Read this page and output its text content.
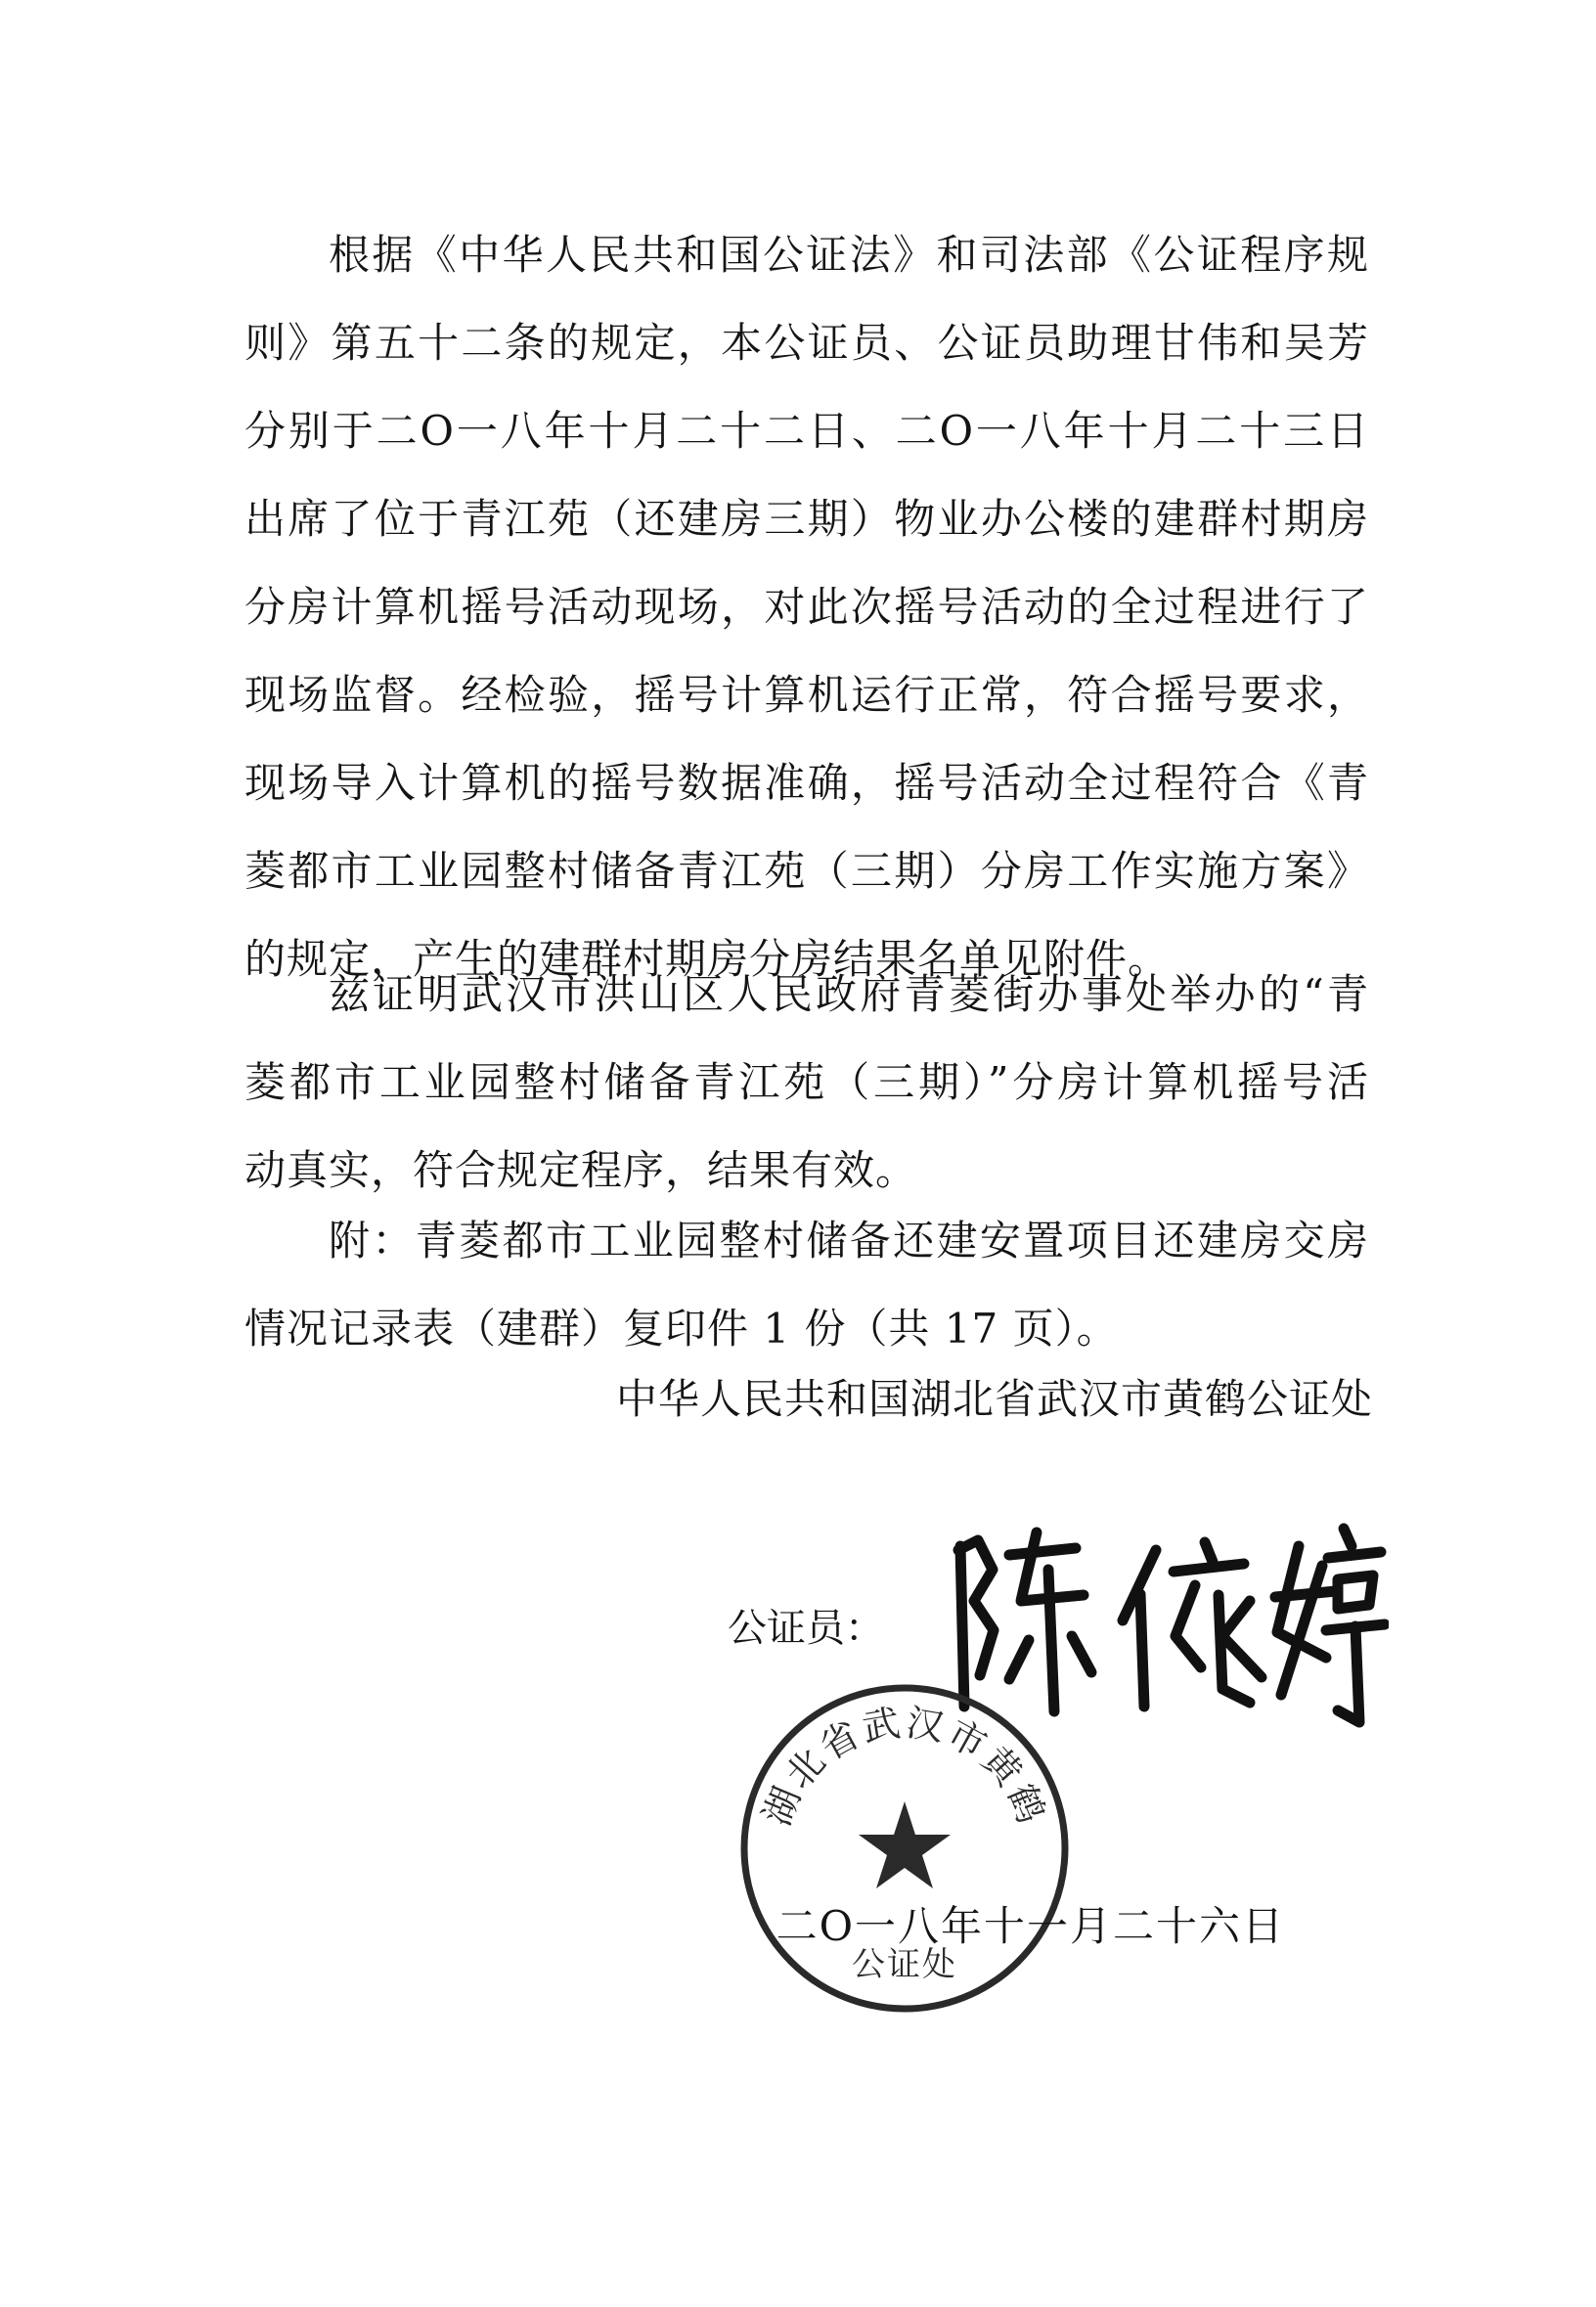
根据《中华人民共和国公证法》和司法部《公证程序规
则》第五十二条的规定，本公证员、公证员助理甘伟和吴芳
分别于二O一八年十月二十二日、二O一八年十月二十三日
出席了位于青江苑（还建房三期）物业办公楼的建群村期房
分房计算机摇号活动现场，对此次摇号活动的全过程进行了
现场监督。经检验，摇号计算机运行正常，符合摇号要求，
现场导入计算机的摇号数据准确，摇号活动全过程符合《青
菱都市工业园整村储备青江苑（三期）分房工作实施方案》
的规定，产生的建群村期房分房结果名单见附件。
兹证明武汉市洪山区人民政府青菱街办事处举办的“青
菱都市工业园整村储备青江苑（三期）”分房计算机摇号活
动真实，符合规定程序，结果有效。
附：青菱都市工业园整村储备还建安置项目还建房交房
情况记录表（建群）复印件 1 份（共 17 页）。
中华人民共和国湖北省武汉市黄鹤公证处
公证员：
湖北省武汉市黄鹤
公证处
二O一八年十一月二十六日
